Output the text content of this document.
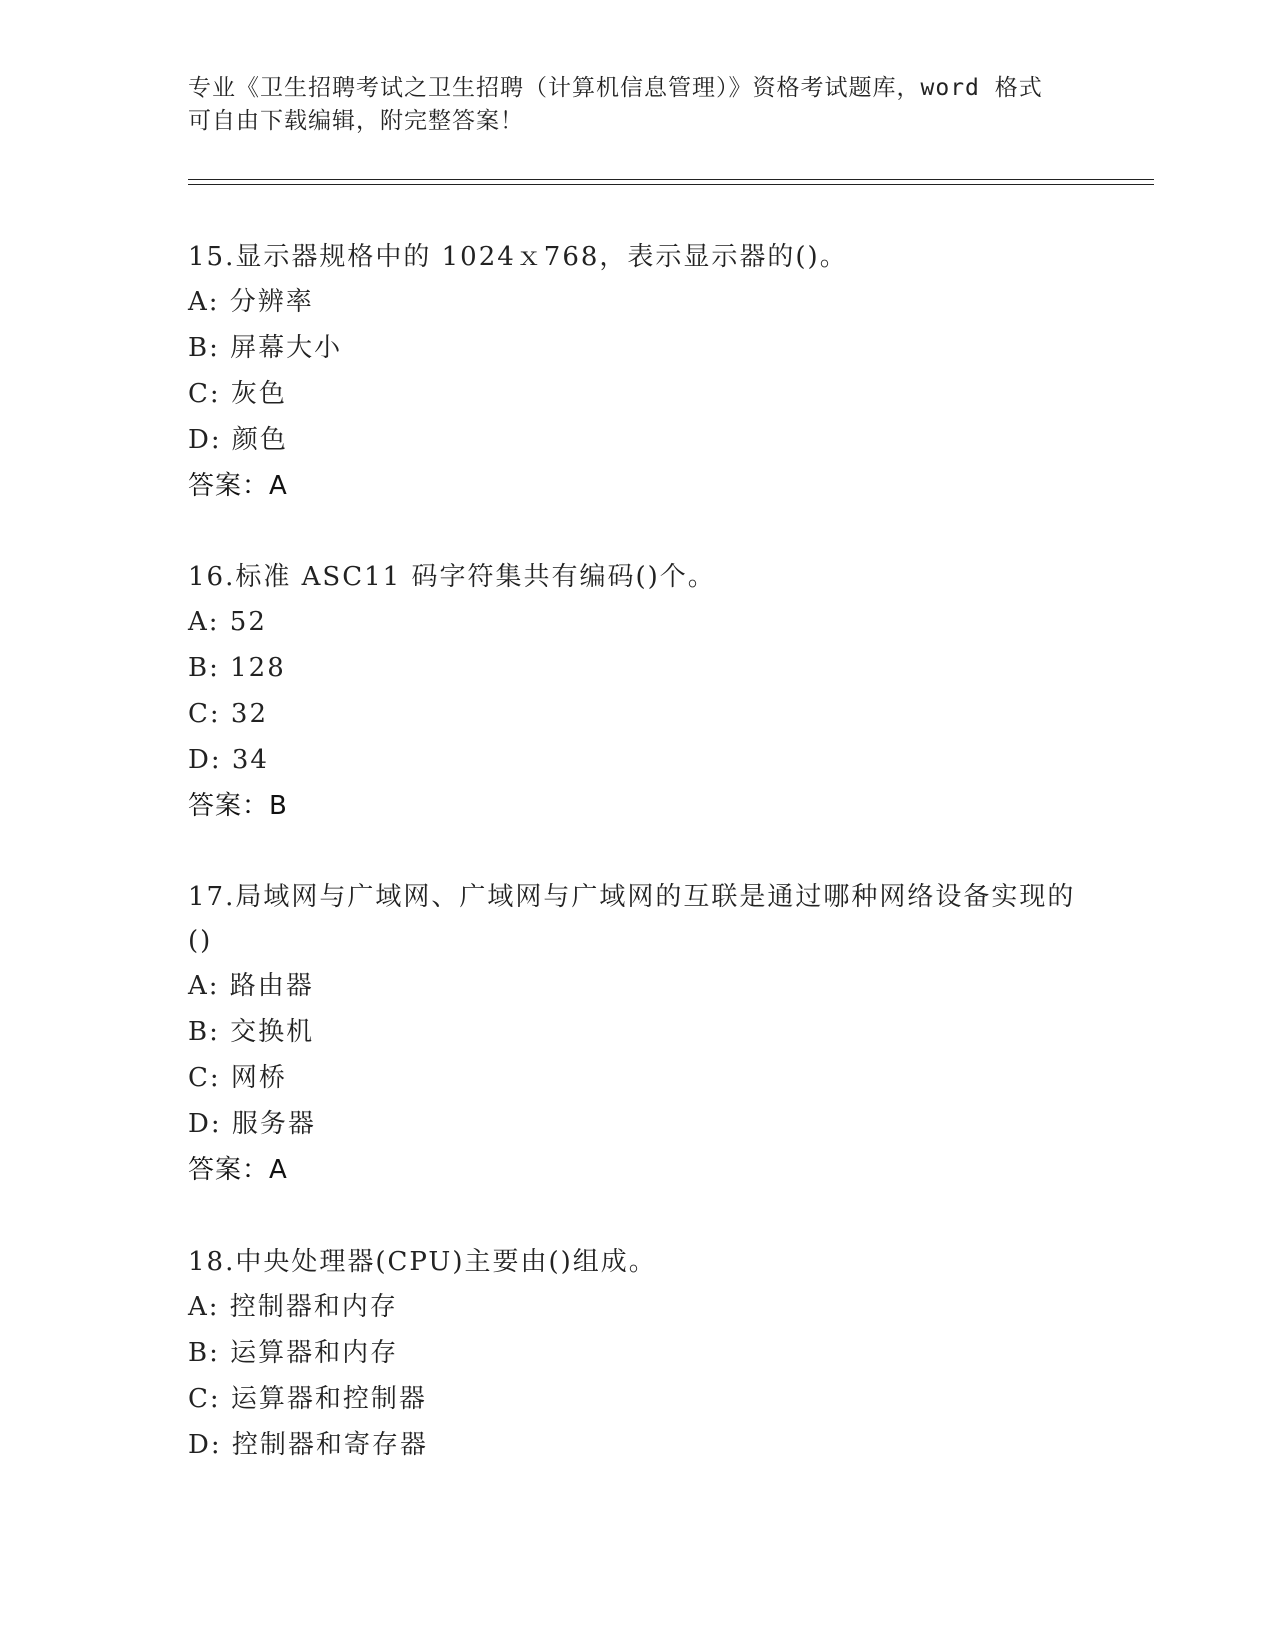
专业《卫生招聘考试之卫生招聘（计算机信息管理）》资格考试题库，word 格式
可自由下载编辑，附完整答案！
15.显示器规格中的 1024ｘ768，表示显示器的()。
A: 分辨率
B: 屏幕大小
C: 灰色
D: 颜色
答案：A
16.标准 ASC11 码字符集共有编码()个。
A: 52
B: 128
C: 32
D: 34
答案：B
17.局域网与广域网、广域网与广域网的互联是通过哪种网络设备实现的()
A: 路由器
B: 交换机
C: 网桥
D: 服务器
答案：A
18.中央处理器(CPU)主要由()组成。
A: 控制器和内存
B: 运算器和内存
C: 运算器和控制器
D: 控制器和寄存器
